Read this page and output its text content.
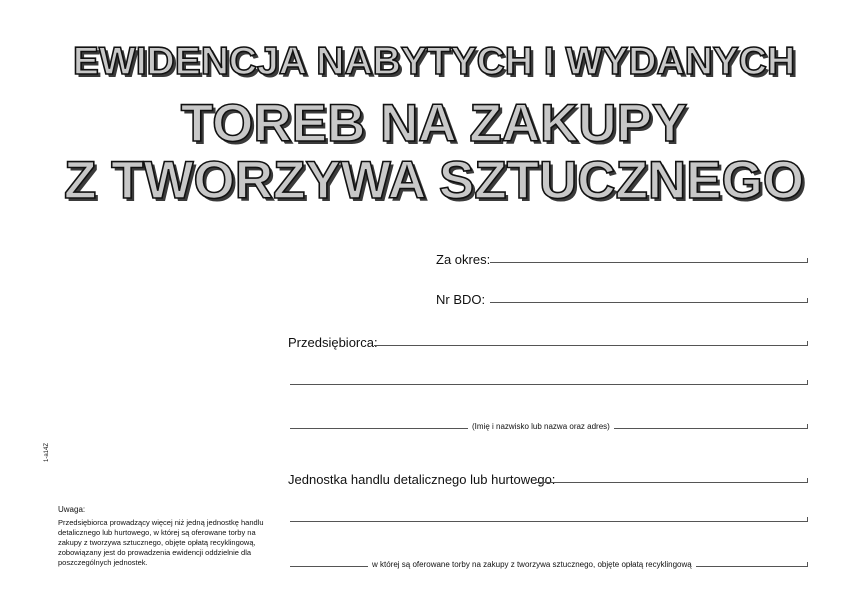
EWIDENCJA NABYTYCH I WYDANYCH
TOREB NA ZAKUPY
Z TWORZYWA SZTUCZNEGO
Za okres:
Nr BDO:
Przedsiębiorca:
(Imię i nazwisko lub nazwa oraz adres)
Jednostka handlu detalicznego lub hurtowego:
w której są oferowane torby na zakupy z tworzywa sztucznego, objęte opłatą recyklingową
1-a14Z
Uwaga:
Przedsiębiorca prowadzący więcej niż jedną jednostkę handlu detalicznego lub hurtowego, w której są oferowane torby na zakupy z tworzywa sztucznego, objęte opłatą recyklingową, zobowiązany jest do prowadzenia ewidencji oddzielnie dla poszczególnych jednostek.
